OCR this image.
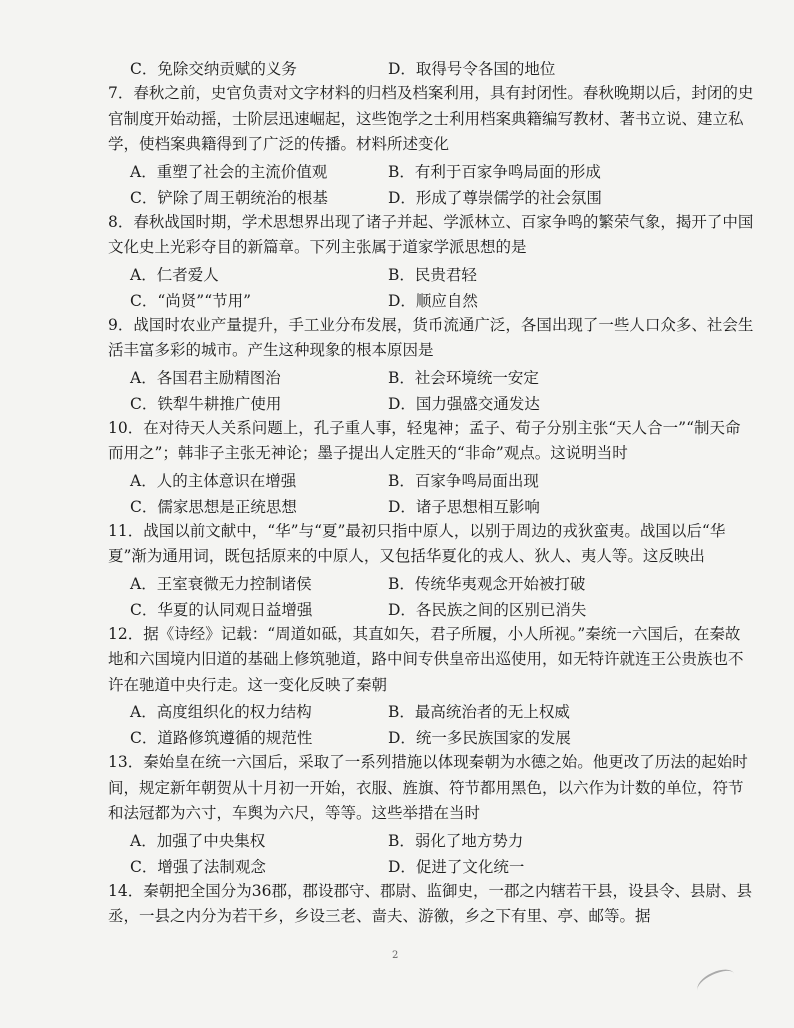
C．免除交纳贡赋的义务	D．取得号令各国的地位

7．春秋之前，史官负责对文字材料的归档及档案利用，具有封闭性。春秋晚期以后，封闭的史官制度开始动摇，士阶层迅速崛起，这些饱学之士利用档案典籍编写教材、著书立说、建立私学，使档案典籍得到了广泛的传播。材料所述变化

A．重塑了社会的主流价值观	B．有利于百家争鸣局面的形成
C．铲除了周王朝统治的根基	D．形成了尊崇儒学的社会氛围

8．春秋战国时期，学术思想界出现了诸子并起、学派林立、百家争鸣的繁荣气象，揭开了中国文化史上光彩夺目的新篇章。下列主张属于道家学派思想的是

A．仁者爱人	B．民贵君轻
C．“尚贤”“节用”	D．顺应自然

9．战国时农业产量提升，手工业分布发展，货币流通广泛，各国出现了一些人口众多、社会生活丰富多彩的城市。产生这种现象的根本原因是

A．各国君主励精图治	B．社会环境统一安定
C．铁犁牛耕推广使用	D．国力强盛交通发达

10．在对待天人关系问题上，孔子重人事，轻鬼神；孟子、荀子分别主张“天人合一”“制天命而用之”；韩非子主张无神论；墨子提出人定胜天的“非命”观点。这说明当时

A．人的主体意识在增强	B．百家争鸣局面出现
C．儒家思想是正统思想	D．诸子思想相互影响

11．战国以前文献中，“华”与“夏”最初只指中原人，以别于周边的戎狄蛮夷。战国以后“华夏”渐为通用词，既包括原来的中原人，又包括华夏化的戎人、狄人、夷人等。这反映出

A．王室衰微无力控制诸侯	B．传统华夷观念开始被打破
C．华夏的认同观日益增强	D．各民族之间的区别已消失

12．据《诗经》记载：“周道如砥，其直如矢，君子所履，小人所视。”秦统一六国后，在秦故地和六国境内旧道的基础上修筑驰道，路中间专供皇帝出巡使用，如无特许就连王公贵族也不许在驰道中央行走。这一变化反映了秦朝

A．高度组织化的权力结构	B．最高统治者的无上权威
C．道路修筑遵循的规范性	D．统一多民族国家的发展

13．秦始皇在统一六国后，采取了一系列措施以体现秦朝为水德之始。他更改了历法的起始时间，规定新年朝贺从十月初一开始，衣服、旌旗、符节都用黑色，以六作为计数的单位，符节和法冠都为六寸，车舆为六尺，等等。这些举措在当时

A．加强了中央集权	B．弱化了地方势力
C．增强了法制观念	D．促进了文化统一

14．秦朝把全国分为36郡，郡设郡守、郡尉、监御史，一郡之内辖若干县，设县令、县尉、县丞，一县之内分为若干乡，乡设三老、啬夫、游徼，乡之下有里、亭、邮等。据

2
